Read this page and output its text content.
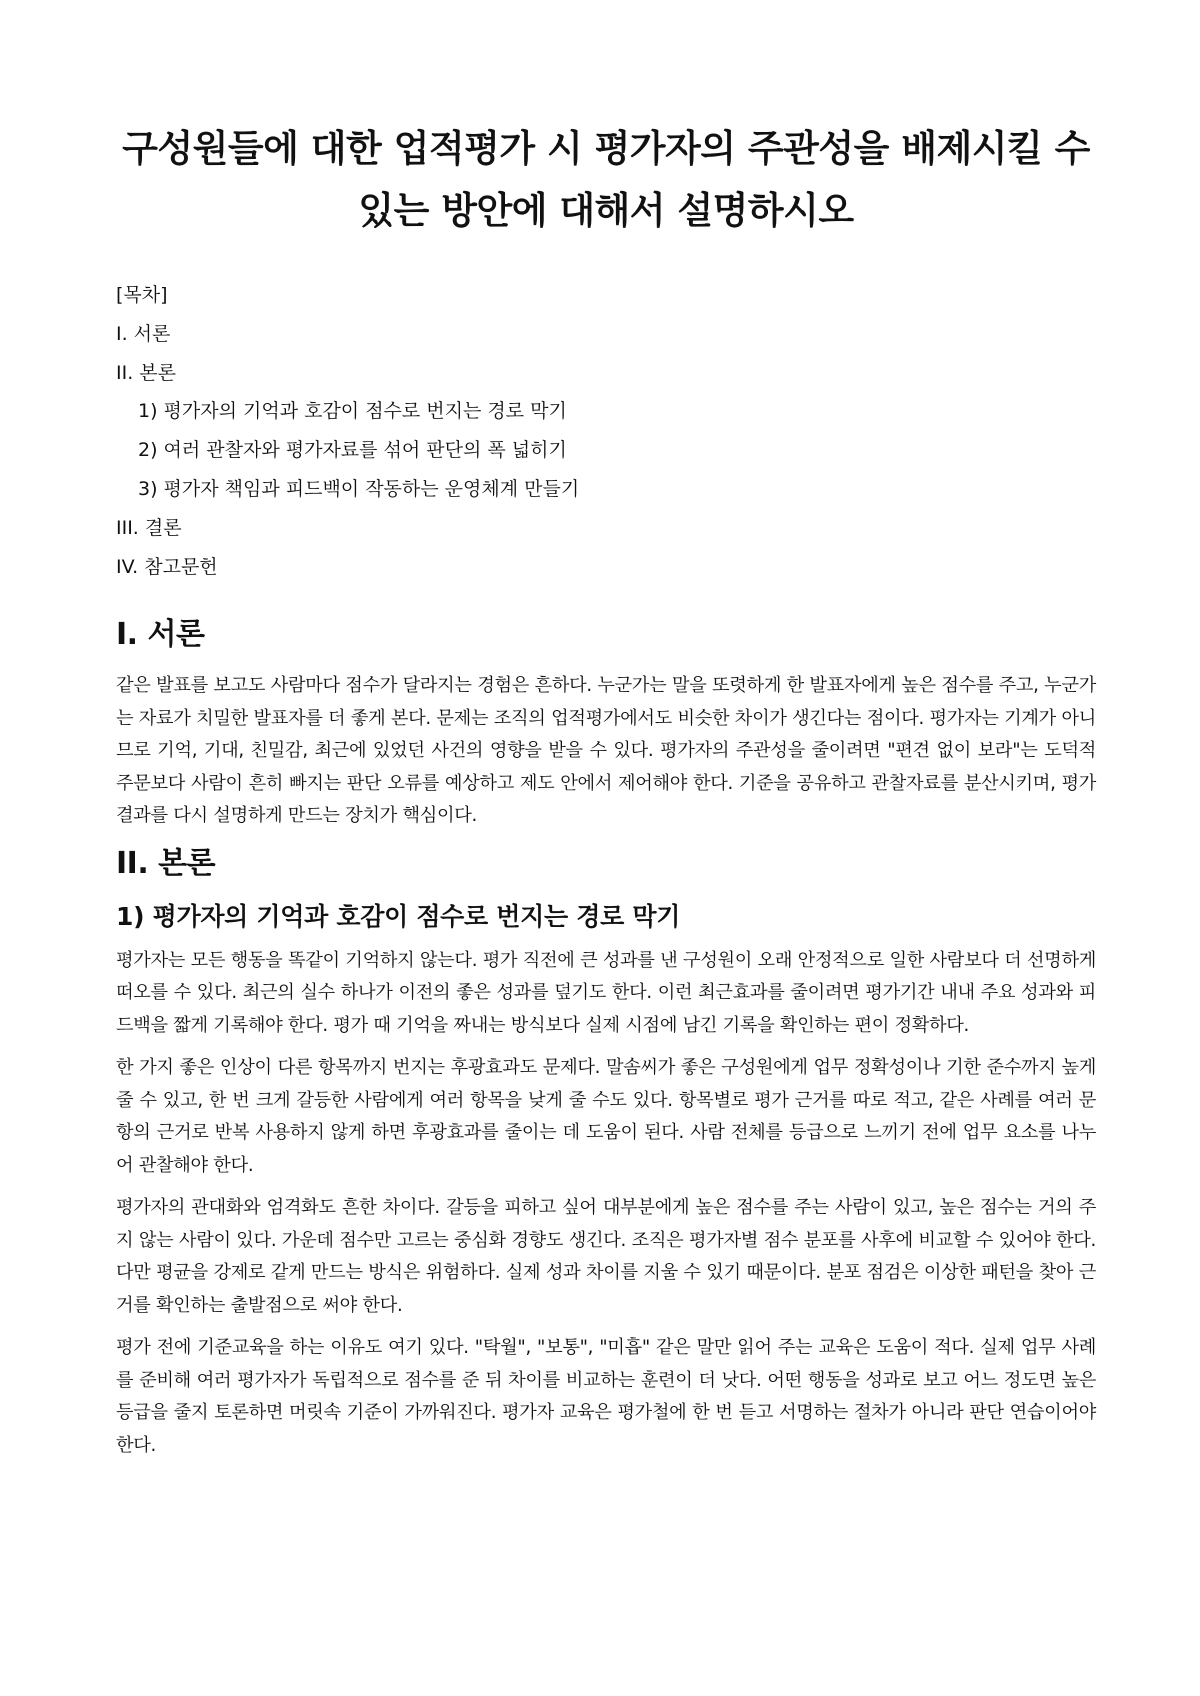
구성원들에 대한 업적평가 시 평가자의 주관성을 배제시킬 수 있는 방안에 대해서 설명하시오
[목차]
I. 서론
II. 본론
1) 평가자의 기억과 호감이 점수로 번지는 경로 막기
2) 여러 관찰자와 평가자료를 섞어 판단의 폭 넓히기
3) 평가자 책임과 피드백이 작동하는 운영체계 만들기
III. 결론
IV. 참고문헌
I. 서론

같은 발표를 보고도 사람마다 점수가 달라지는 경험은 흔하다. 누군가는 말을 또렷하게 한 발표자에게 높은 점수를 주고, 누군가는 자료가 치밀한 발표자를 더 좋게 본다. 문제는 조직의 업적평가에서도 비슷한 차이가 생긴다는 점이다. 평가자는 기계가 아니므로 기억, 기대, 친밀감, 최근에 있었던 사건의 영향을 받을 수 있다. 평가자의 주관성을 줄이려면 "편견 없이 보라"는 도덕적 주문보다 사람이 흔히 빠지는 판단 오류를 예상하고 제도 안에서 제어해야 한다. 기준을 공유하고 관찰자료를 분산시키며, 평가 결과를 다시 설명하게 만드는 장치가 핵심이다.

II. 본론
1) 평가자의 기억과 호감이 점수로 번지는 경로 막기

평가자는 모든 행동을 똑같이 기억하지 않는다. 평가 직전에 큰 성과를 낸 구성원이 오래 안정적으로 일한 사람보다 더 선명하게 떠오를 수 있다. 최근의 실수 하나가 이전의 좋은 성과를 덮기도 한다. 이런 최근효과를 줄이려면 평가기간 내내 주요 성과와 피드백을 짧게 기록해야 한다. 평가 때 기억을 짜내는 방식보다 실제 시점에 남긴 기록을 확인하는 편이 정확하다.

한 가지 좋은 인상이 다른 항목까지 번지는 후광효과도 문제다. 말솜씨가 좋은 구성원에게 업무 정확성이나 기한 준수까지 높게 줄 수 있고, 한 번 크게 갈등한 사람에게 여러 항목을 낮게 줄 수도 있다. 항목별로 평가 근거를 따로 적고, 같은 사례를 여러 문항의 근거로 반복 사용하지 않게 하면 후광효과를 줄이는 데 도움이 된다. 사람 전체를 등급으로 느끼기 전에 업무 요소를 나누어 관찰해야 한다.

평가자의 관대화와 엄격화도 흔한 차이다. 갈등을 피하고 싶어 대부분에게 높은 점수를 주는 사람이 있고, 높은 점수는 거의 주지 않는 사람이 있다. 가운데 점수만 고르는 중심화 경향도 생긴다. 조직은 평가자별 점수 분포를 사후에 비교할 수 있어야 한다. 다만 평균을 강제로 같게 만드는 방식은 위험하다. 실제 성과 차이를 지울 수 있기 때문이다. 분포 점검은 이상한 패턴을 찾아 근거를 확인하는 출발점으로 써야 한다.

평가 전에 기준교육을 하는 이유도 여기 있다. "탁월", "보통", "미흡" 같은 말만 읽어 주는 교육은 도움이 적다. 실제 업무 사례를 준비해 여러 평가자가 독립적으로 점수를 준 뒤 차이를 비교하는 훈련이 더 낫다. 어떤 행동을 성과로 보고 어느 정도면 높은 등급을 줄지 토론하면 머릿속 기준이 가까워진다. 평가자 교육은 평가철에 한 번 듣고 서명하는 절차가 아니라 판단 연습이어야 한다.
